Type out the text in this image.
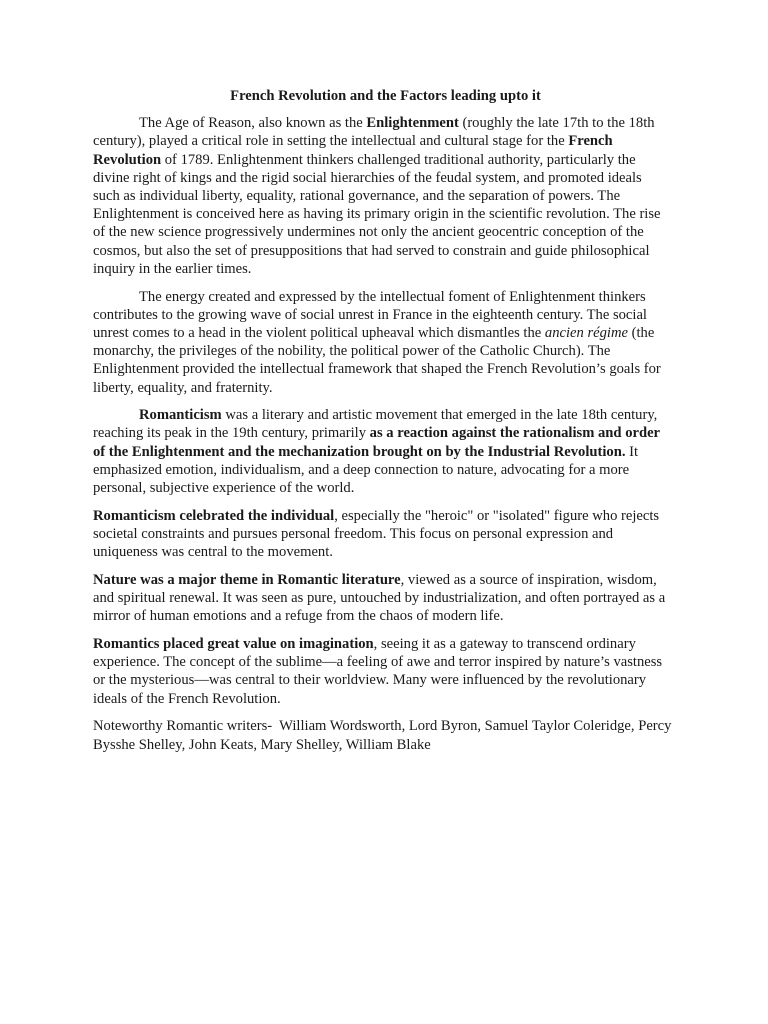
French Revolution and the Factors leading upto it

The Age of Reason, also known as the Enlightenment (roughly the late 17th to the 18th century), played a critical role in setting the intellectual and cultural stage for the French Revolution of 1789. Enlightenment thinkers challenged traditional authority, particularly the divine right of kings and the rigid social hierarchies of the feudal system, and promoted ideals such as individual liberty, equality, rational governance, and the separation of powers. The Enlightenment is conceived here as having its primary origin in the scientific revolution. The rise of the new science progressively undermines not only the ancient geocentric conception of the cosmos, but also the set of presuppositions that had served to constrain and guide philosophical inquiry in the earlier times.

The energy created and expressed by the intellectual foment of Enlightenment thinkers contributes to the growing wave of social unrest in France in the eighteenth century. The social unrest comes to a head in the violent political upheaval which dismantles the ancien régime (the monarchy, the privileges of the nobility, the political power of the Catholic Church). The Enlightenment provided the intellectual framework that shaped the French Revolution’s goals for liberty, equality, and fraternity.

Romanticism was a literary and artistic movement that emerged in the late 18th century, reaching its peak in the 19th century, primarily as a reaction against the rationalism and order of the Enlightenment and the mechanization brought on by the Industrial Revolution. It emphasized emotion, individualism, and a deep connection to nature, advocating for a more personal, subjective experience of the world.

Romanticism celebrated the individual, especially the "heroic" or "isolated" figure who rejects societal constraints and pursues personal freedom. This focus on personal expression and uniqueness was central to the movement.

Nature was a major theme in Romantic literature, viewed as a source of inspiration, wisdom, and spiritual renewal. It was seen as pure, untouched by industrialization, and often portrayed as a mirror of human emotions and a refuge from the chaos of modern life.

Romantics placed great value on imagination, seeing it as a gateway to transcend ordinary experience. The concept of the sublime—a feeling of awe and terror inspired by nature’s vastness or the mysterious—was central to their worldview. Many were influenced by the revolutionary ideals of the French Revolution.

Noteworthy Romantic writers-  William Wordsworth, Lord Byron, Samuel Taylor Coleridge, Percy Bysshe Shelley, John Keats, Mary Shelley, William Blake
